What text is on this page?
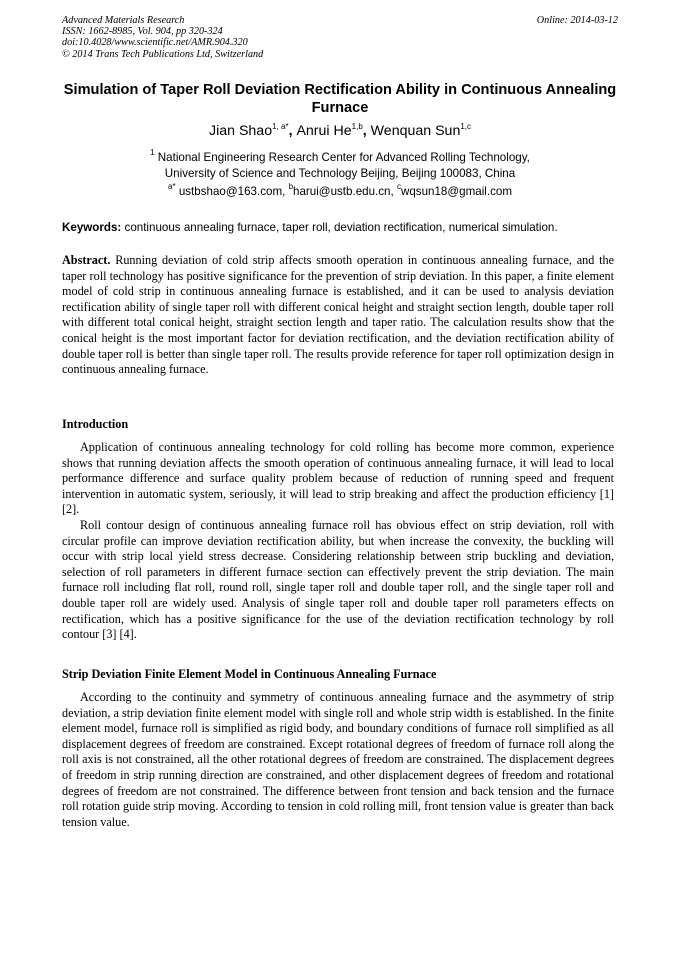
Advanced Materials Research
ISSN: 1662-8985, Vol. 904, pp 320-324
doi:10.4028/www.scientific.net/AMR.904.320
© 2014 Trans Tech Publications Ltd, Switzerland
Online: 2014-03-12
Simulation of Taper Roll Deviation Rectification Ability in Continuous Annealing Furnace
Jian Shao$^{1, a*}$, Anrui He$^{1,b}$, Wenquan Sun$^{1,c}$
$^1$ National Engineering Research Center for Advanced Rolling Technology,
University of Science and Technology Beijing, Beijing 100083, China
$^{a*}$ ustbshao@163.com, $^b$harui@ustb.edu.cn, $^c$wqsun18@gmail.com
Keywords: continuous annealing furnace, taper roll, deviation rectification, numerical simulation.
Abstract. Running deviation of cold strip affects smooth operation in continuous annealing furnace, and the taper roll technology has positive significance for the prevention of strip deviation. In this paper, a finite element model of cold strip in continuous annealing furnace is established, and it can be used to analysis deviation rectification ability of single taper roll with different conical height and straight section length, double taper roll with different total conical height, straight section length and taper ratio. The calculation results show that the conical height is the most important factor for deviation rectification, and the deviation rectification ability of double taper roll is better than single taper roll. The results provide reference for taper roll optimization design in continuous annealing furnace.
Introduction

Application of continuous annealing technology for cold rolling has become more common, experience shows that running deviation affects the smooth operation of continuous annealing furnace, it will lead to local performance difference and surface quality problem because of reduction of running speed and frequent intervention in automatic system, seriously, it will lead to strip breaking and affect the production efficiency [1] [2].

Roll contour design of continuous annealing furnace roll has obvious effect on strip deviation, roll with circular profile can improve deviation rectification ability, but when increase the convexity, the buckling will occur with strip local yield stress decrease. Considering relationship between strip buckling and deviation, selection of roll parameters in different furnace section can effectively prevent the strip deviation. The main furnace roll including flat roll, round roll, single taper roll and double taper roll, and the single taper roll and double taper roll are widely used. Analysis of single taper roll and double taper roll parameters effects on rectification, which has a positive significance for the use of the deviation rectification technology by roll contour [3] [4].

Strip Deviation Finite Element Model in Continuous Annealing Furnace

According to the continuity and symmetry of continuous annealing furnace and the asymmetry of strip deviation, a strip deviation finite element model with single roll and whole strip width is established. In the finite element model, furnace roll is simplified as rigid body, and boundary conditions of furnace roll simplified as all displacement degrees of freedom are constrained. Except rotational degrees of freedom of furnace roll along the roll axis is not constrained, all the other rotational degrees of freedom are constrained. The displacement degrees of freedom in strip running direction are constrained, and other displacement degrees of freedom and rotational degrees of freedom are not constrained. The difference between front tension and back tension and the furnace roll rotation guide strip moving. According to tension in cold rolling mill, front tension value is greater than back tension value.
